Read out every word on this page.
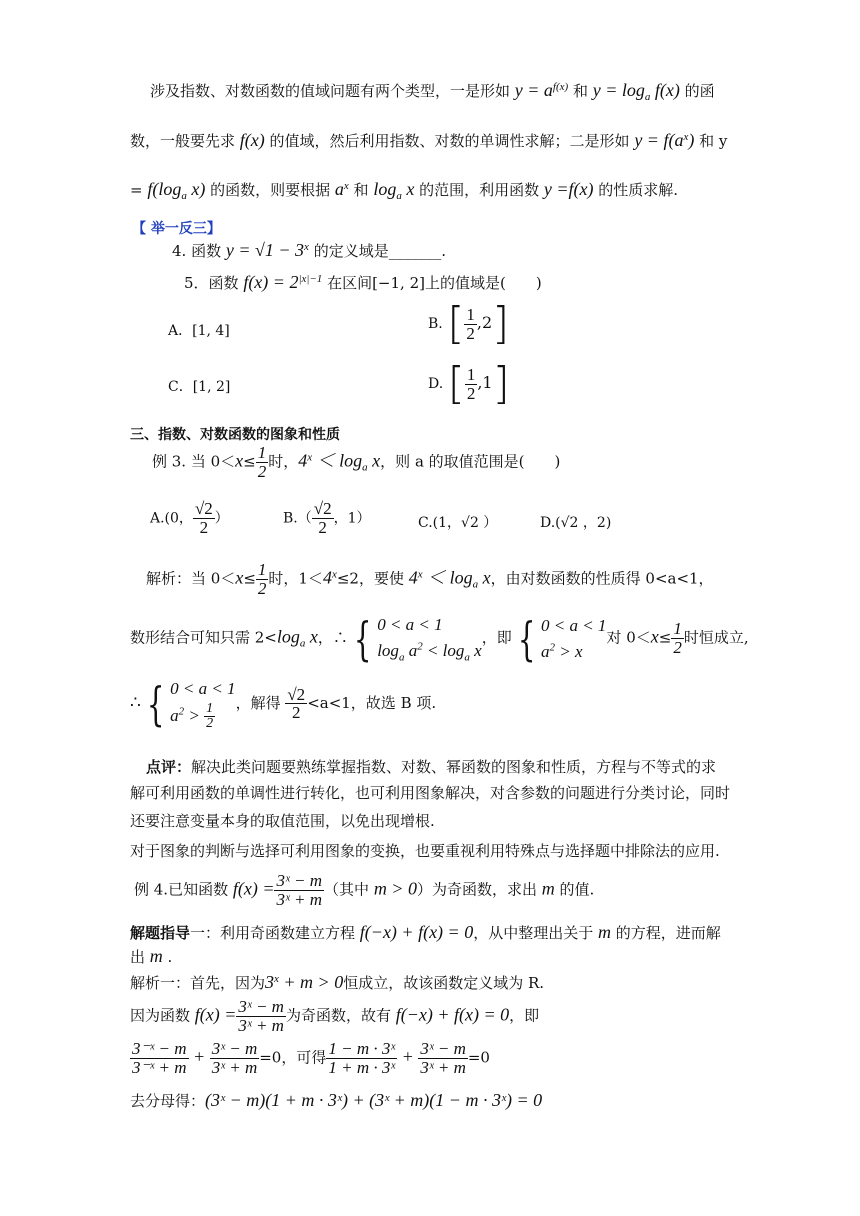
涉及指数、对数函数的值域问题有两个类型，一是形如 $y = a^{f(x)}$ 和 $y = \log_a f(x)$ 的函
数，一般要先求 f(x) 的值域，然后利用指数、对数的单调性求解；二是形如 $y = f(a^x)$ 和 y
= $f(\log_a$ x) 的函数，则要根据 $a^x$ 和 $\log_a x$ 的范围，利用函数 y =f(x) 的性质求解.
【 举一反三】
4. 函数 $y = √1 - 3^x$ 的定义域是_______.
5．函数 $f(x) = 2^{|x|-1}$ 在区间[−1, 2]上的值域是(　　)
A．[1, 4]	B. [ $\frac{1}{2} ,2$]
C．[1, 2]	D. [ $\frac{1}{2} ,1$]
三、指数、对数函数的图象和性质
例 3. 当 $0<x\le \frac{1}{2}$ 时，$4^x < \log_a x$，则 a 的取值范围是(　　)
A.(0， $\frac{√2}{2}$ ）	$B.( \frac{√2}{2}$ ，1）	C.(1，√2 ）	D.(√2 ，2)
解析：当 $0<x\le \frac{1}{2}$ 时，$1<4^x\le 2$，要使 $4^x < \log_a x$，由对数函数的性质得 0<a<1，
数形结合可知只需 $2<\log_a$ x，∴ { 0 < a < 1
$\log_a a^2 < \log_a x$
，即 { 0 < a < 1
$a^2 > x$
对 $0<x\le \frac{1}{2}$ 时恒成立,
∴ { 0 < a < 1
$a^2 > \frac{1}{2}$ ，解得 $\frac{√2}{2} <a<1$，故选 B 项.
点评：解决此类问题要熟练掌握指数、对数、幂函数的图象和性质，方程与不等式的求
解可利用函数的单调性进行转化，也可利用图象解决，对含参数的问题进行分类讨论，同时
还要注意变量本身的取值范围，以免出现增根.
对于图象的判断与选择可利用图象的变换，也要重视利用特殊点与选择题中排除法的应用.
例 4.已知函数 $f(x) = \frac{\text{3ˣ − m}}{\text{3ˣ + m}}$ （其中 m > 0）为奇函数，求出 m 的值.
解题指导一：利用奇函数建立方程 f(−x) + f(x) = 0，从中整理出关于 m 的方程，进而解
出 m .
解析一：首先，因为$3^x + m > 0$恒成立，故该函数定义域为 R.
因为函数 $f(x) = \frac{\text{3ˣ − m}}{\text{3ˣ + m}}$ 为奇函数，故有 f(−x) + f(x) = 0，即
$\frac{\text{3⁻ˣ − m}}{\text{3⁻ˣ + m}} + \frac{\text{3ˣ − m}}{\text{3ˣ + m}} =0$，可得 $\frac{\text{1 − m · 3ˣ}}{\text{1 + m · 3ˣ}} + \frac{\text{3ˣ − m}}{\text{3ˣ + m}} =0$
去分母得：(3ˣ − m)(1 + m · 3ˣ) + (3ˣ + m)(1 − m · 3ˣ) = 0
